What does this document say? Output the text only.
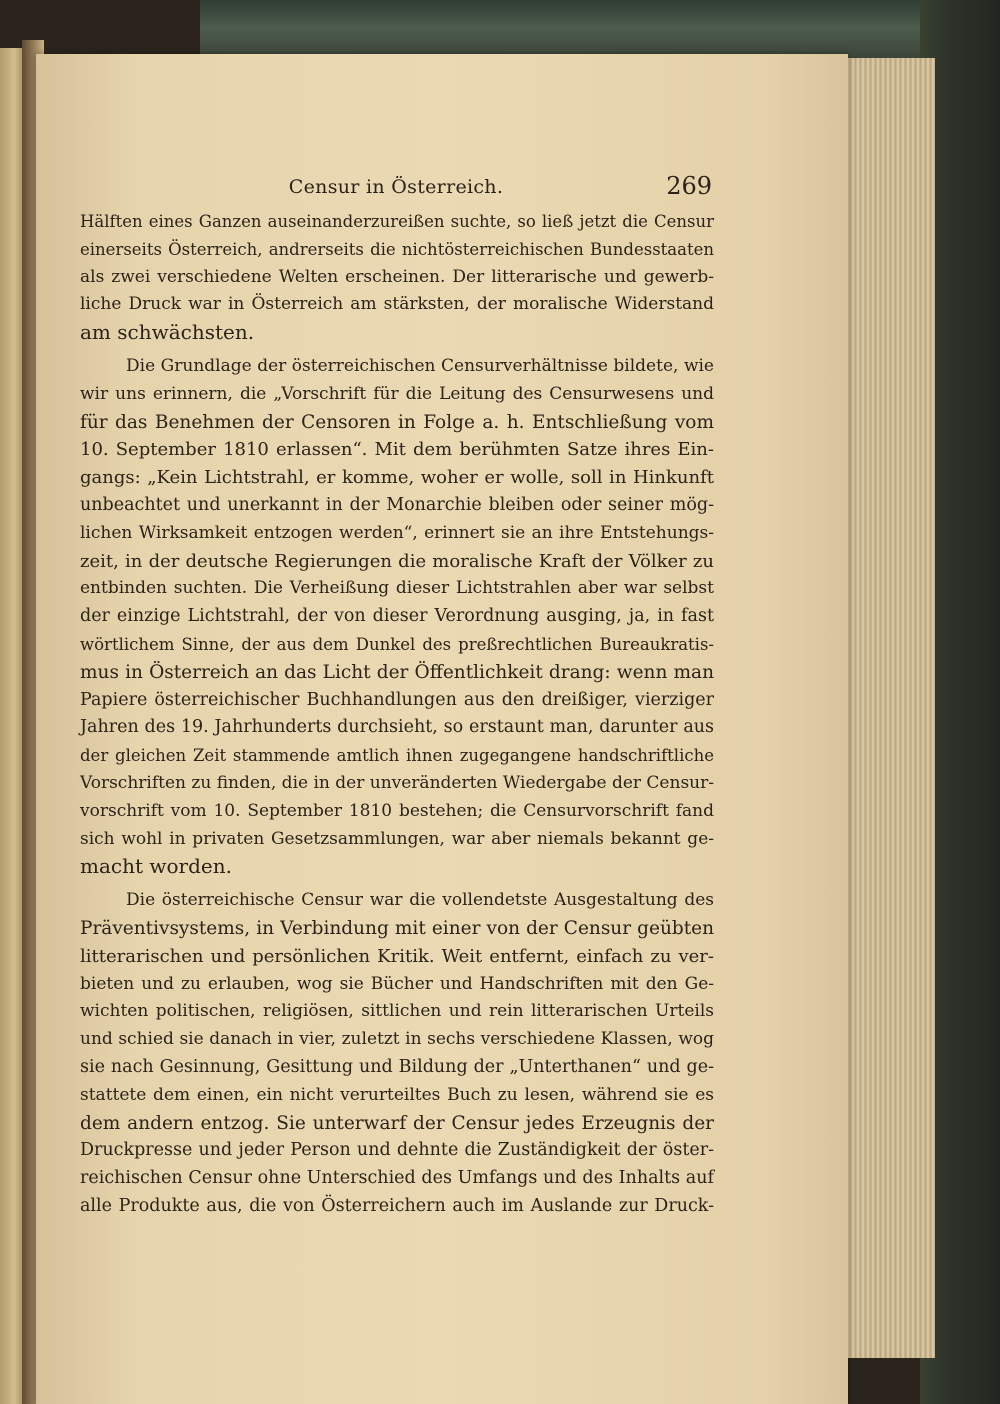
Censur in Österreich.	269
Hälften eines Ganzen auseinanderzureißen suchte, so ließ jetzt die Censur
einerseits Österreich, andrerseits die nichtösterreichischen Bundesstaaten
als zwei verschiedene Welten erscheinen. Der litterarische und gewerb-
liche Druck war in Österreich am stärksten, der moralische Widerstand
am schwächsten.
Die Grundlage der österreichischen Censurverhältnisse bildete, wie
wir uns erinnern, die „Vorschrift für die Leitung des Censurwesens und
für das Benehmen der Censoren in Folge a. h. Entschließung vom
10. September 1810 erlassen“. Mit dem berühmten Satze ihres Ein-
gangs: „Kein Lichtstrahl, er komme, woher er wolle, soll in Hinkunft
unbeachtet und unerkannt in der Monarchie bleiben oder seiner mög-
lichen Wirksamkeit entzogen werden“, erinnert sie an ihre Entstehungs-
zeit, in der deutsche Regierungen die moralische Kraft der Völker zu
entbinden suchten. Die Verheißung dieser Lichtstrahlen aber war selbst
der einzige Lichtstrahl, der von dieser Verordnung ausging, ja, in fast
wörtlichem Sinne, der aus dem Dunkel des preßrechtlichen Bureaukratis-
mus in Österreich an das Licht der Öffentlichkeit drang: wenn man
Papiere österreichischer Buchhandlungen aus den dreißiger, vierziger
Jahren des 19. Jahrhunderts durchsieht, so erstaunt man, darunter aus
der gleichen Zeit stammende amtlich ihnen zugegangene handschriftliche
Vorschriften zu finden, die in der unveränderten Wiedergabe der Censur-
vorschrift vom 10. September 1810 bestehen; die Censurvorschrift fand
sich wohl in privaten Gesetzsammlungen, war aber niemals bekannt ge-
macht worden.
Die österreichische Censur war die vollendetste Ausgestaltung des
Präventivsystems, in Verbindung mit einer von der Censur geübten
litterarischen und persönlichen Kritik. Weit entfernt, einfach zu ver-
bieten und zu erlauben, wog sie Bücher und Handschriften mit den Ge-
wichten politischen, religiösen, sittlichen und rein litterarischen Urteils
und schied sie danach in vier, zuletzt in sechs verschiedene Klassen, wog
sie nach Gesinnung, Gesittung und Bildung der „Unterthanen“ und ge-
stattete dem einen, ein nicht verurteiltes Buch zu lesen, während sie es
dem andern entzog. Sie unterwarf der Censur jedes Erzeugnis der
Druckpresse und jeder Person und dehnte die Zuständigkeit der öster-
reichischen Censur ohne Unterschied des Umfangs und des Inhalts auf
alle Produkte aus, die von Österreichern auch im Auslande zur Druck-
